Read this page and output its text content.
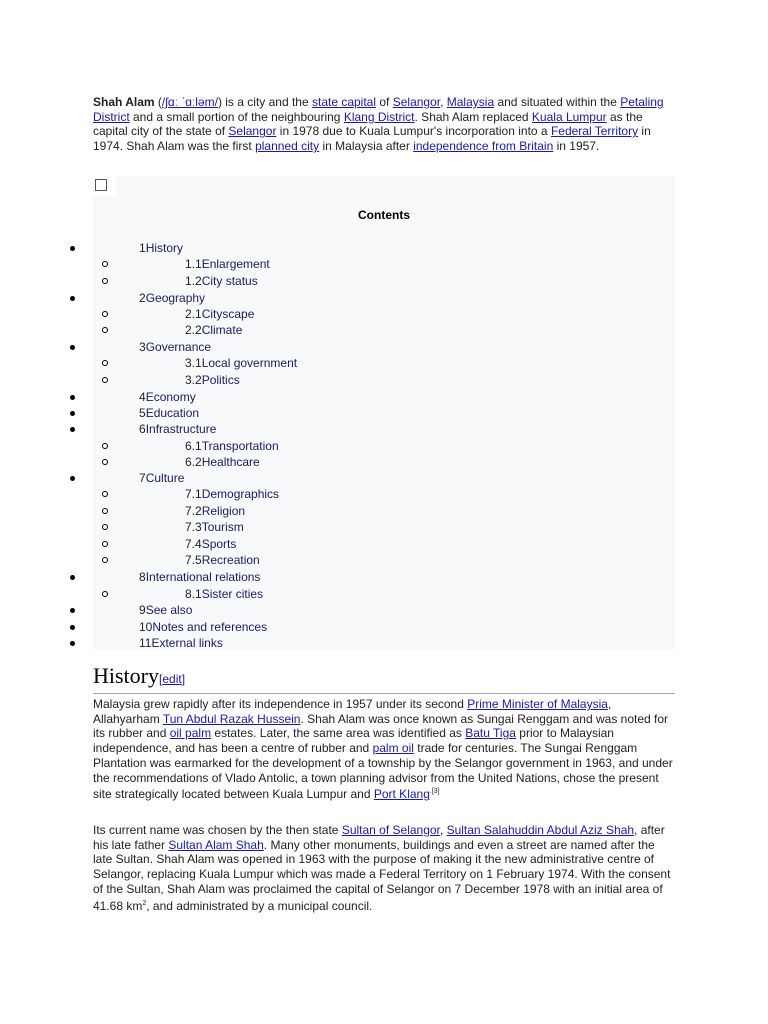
Shah Alam (/ʃɑː ˈɑːləm/) is a city and the state capital of Selangor, Malaysia and situated within the Petaling District and a small portion of the neighbouring Klang District. Shah Alam replaced Kuala Lumpur as the capital city of the state of Selangor in 1978 due to Kuala Lumpur's incorporation into a Federal Territory in 1974. Shah Alam was the first planned city in Malaysia after independence from Britain in 1957.

Contents
1History
1.1Enlargement
1.2City status
2Geography
2.1Cityscape
2.2Climate
3Governance
3.1Local government
3.2Politics
4Economy
5Education
6Infrastructure
6.1Transportation
6.2Healthcare
7Culture
7.1Demographics
7.2Religion
7.3Tourism
7.4Sports
7.5Recreation
8International relations
8.1Sister cities
9See also
10Notes and references
11External links
History[edit]

Malaysia grew rapidly after its independence in 1957 under its second Prime Minister of Malaysia, Allahyarham Tun Abdul Razak Hussein. Shah Alam was once known as Sungai Renggam and was noted for its rubber and oil palm estates. Later, the same area was identified as Batu Tiga prior to Malaysian independence, and has been a centre of rubber and palm oil trade for centuries. The Sungai Renggam Plantation was earmarked for the development of a township by the Selangor government in 1963, and under the recommendations of Vlado Antolic, a town planning advisor from the United Nations, chose the present site strategically located between Kuala Lumpur and Port Klang$^{.[3]}$

Its current name was chosen by the then state Sultan of Selangor, Sultan Salahuddin Abdul Aziz Shah, after his late father Sultan Alam Shah. Many other monuments, buildings and even a street are named after the late Sultan. Shah Alam was opened in 1963 with the purpose of making it the new administrative centre of Selangor, replacing Kuala Lumpur which was made a Federal Territory on 1 February 1974. With the consent of the Sultan, Shah Alam was proclaimed the capital of Selangor on 7 December 1978 with an initial area of 41.68 $km^2$, and administrated by a municipal council.
